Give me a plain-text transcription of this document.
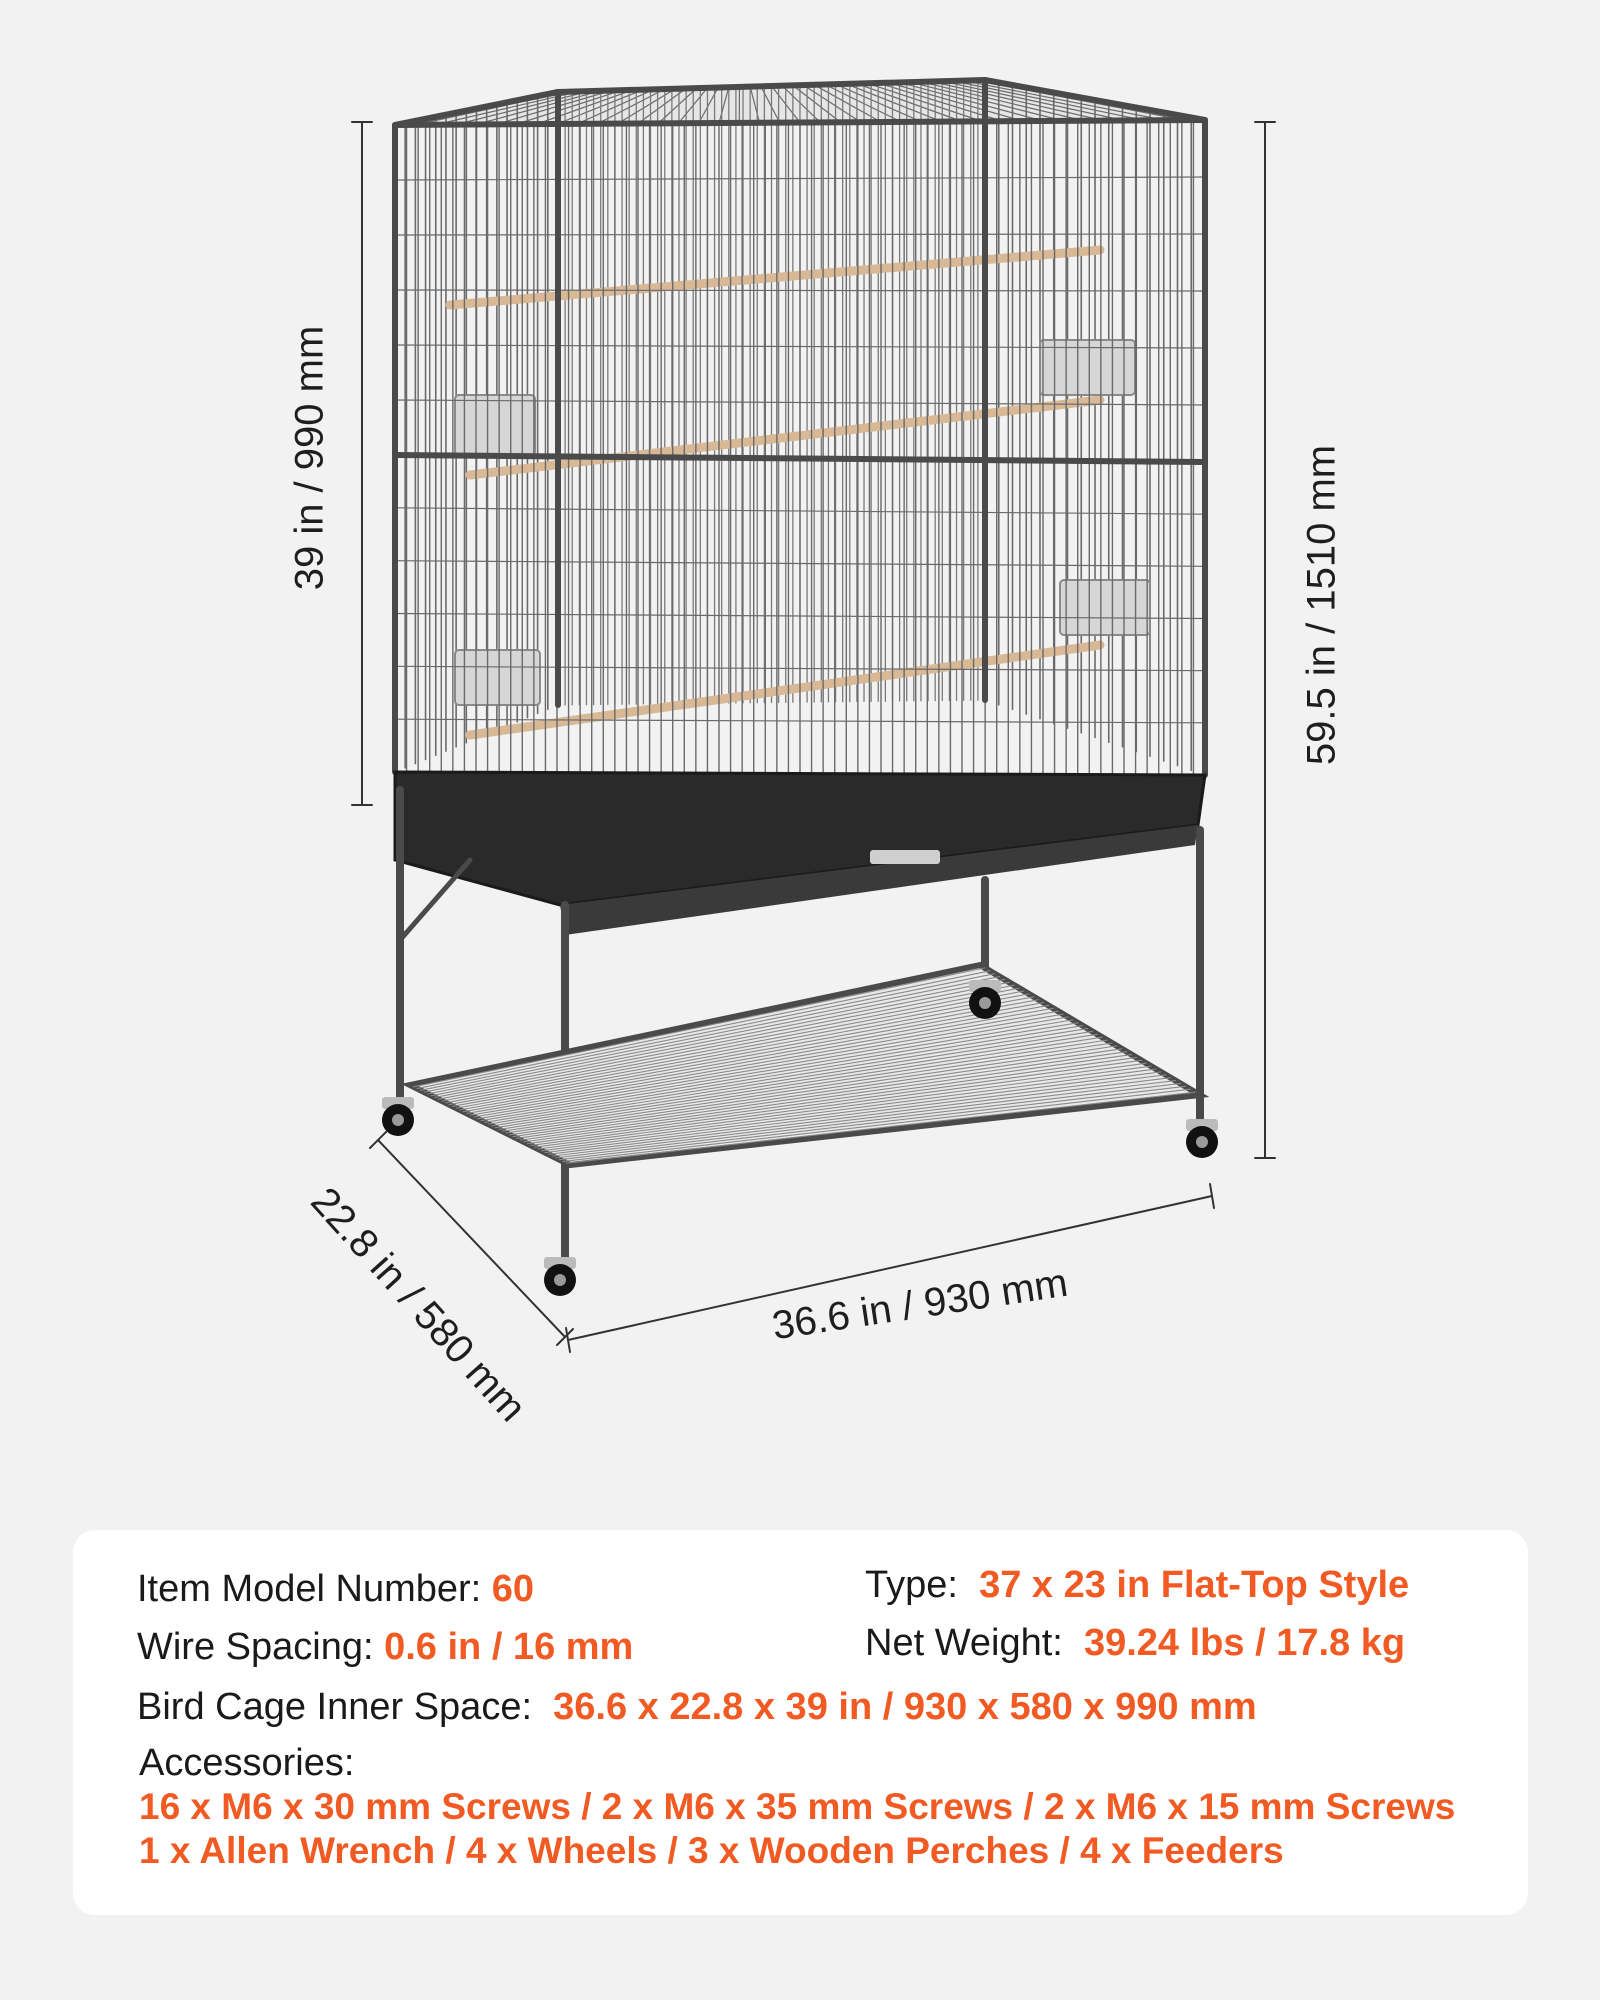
39 in / 990 mm	59.5 in / 1510 mm
36.6 in / 930 mm
22.8 in / 580 mm
Item Model Number: 60
Wire Spacing: 0.6 in / 16 mm
Type: 37 x 23 in Flat-Top Style
Net Weight: 39.24 lbs / 17.8 kg
Bird Cage Inner Space: 36.6 x 22.8 x 39 in / 930 x 580 x 990 mm
Accessories:
16 x M6 x 30 mm Screws / 2 x M6 x 35 mm Screws / 2 x M6 x 15 mm Screws
1 x Allen Wrench / 4 x Wheels / 3 x Wooden Perches / 4 x Feeders
